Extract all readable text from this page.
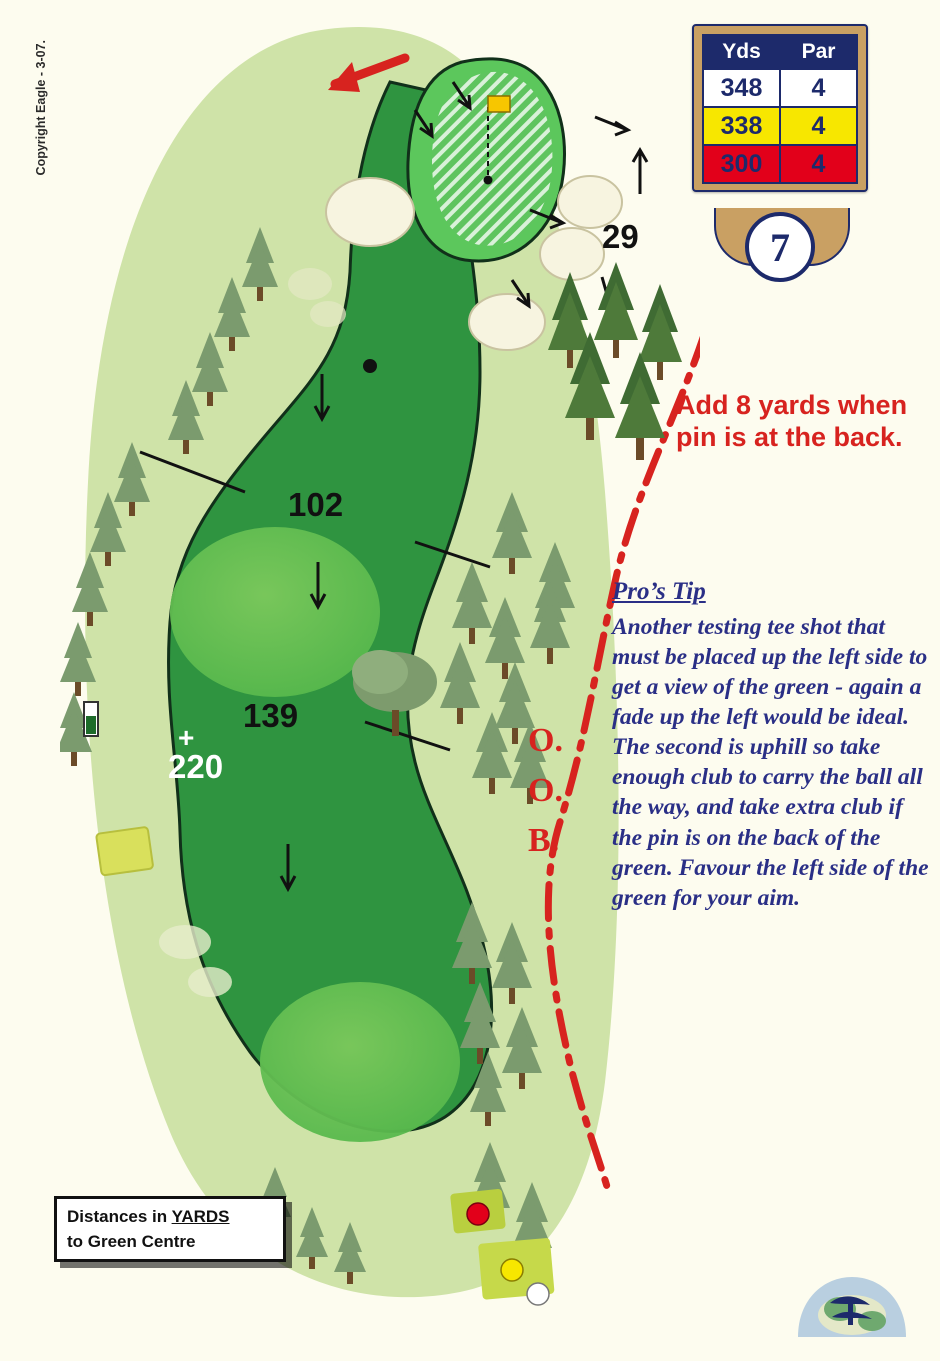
Copyright Eagle - 3-07.	Yds	Par
348	4
338	4
300	4
7
Add 8 yards when pin is at the back.
Pro’s Tip
Another testing tee shot that must be placed up the left side to get a view of the green - again a fade up the left would be ideal. The second is uphill so take enough club to carry the ball all the way, and take extra club if the pin is on the back of the green. Favour the left side of the green for your aim.
O.
O.
B.
29
102
139
+
220
Distances in YARDS
to Green Centre
